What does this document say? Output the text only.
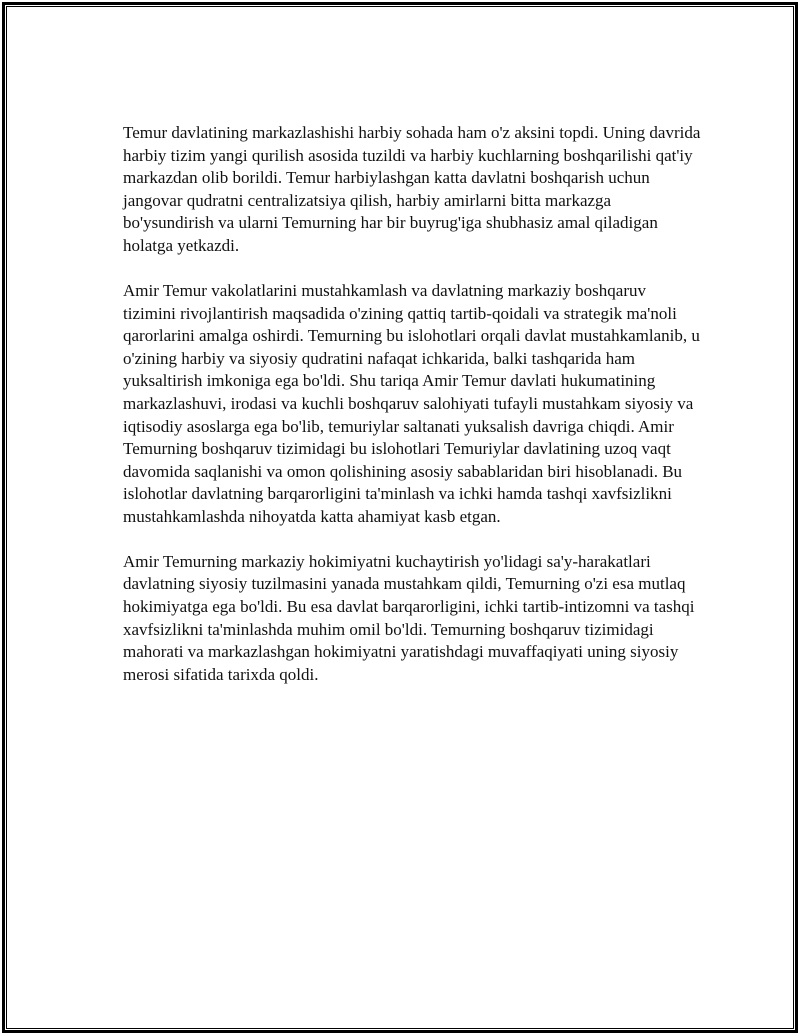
Temur davlatining markazlashishi harbiy sohada ham o'z aksini topdi. Uning davrida harbiy tizim yangi qurilish asosida tuzildi va harbiy kuchlarning boshqarilishi qat'iy markazdan olib borildi. Temur harbiylashgan katta davlatni boshqarish uchun jangovar qudratni centralizatsiya qilish, harbiy amirlarni bitta markazga bo'ysundirish va ularni Temurning har bir buyrug'iga shubhasiz amal qiladigan holatga yetkazdi.

Amir Temur vakolatlarini mustahkamlash va davlatning markaziy boshqaruv tizimini rivojlantirish maqsadida o'zining qattiq tartib-qoidali va strategik ma'noli qarorlarini amalga oshirdi. Temurning bu islohotlari orqali davlat mustahkamlanib, u o'zining harbiy va siyosiy qudratini nafaqat ichkarida, balki tashqarida ham yuksaltirish imkoniga ega bo'ldi. Shu tariqa Amir Temur davlati hukumatining markazlashuvi, irodasi va kuchli boshqaruv salohiyati tufayli mustahkam siyosiy va iqtisodiy asoslarga ega bo'lib, temuriylar saltanati yuksalish davriga chiqdi. Amir Temurning boshqaruv tizimidagi bu islohotlari Temuriylar davlatining uzoq vaqt davomida saqlanishi va omon qolishining asosiy sabablaridan biri hisoblanadi. Bu islohotlar davlatning barqarorligini ta'minlash va ichki hamda tashqi xavfsizlikni mustahkamlashda nihoyatda katta ahamiyat kasb etgan.

Amir Temurning markaziy hokimiyatni kuchaytirish yo'lidagi sa'y-harakatlari davlatning siyosiy tuzilmasini yanada mustahkam qildi, Temurning o'zi esa mutlaq hokimiyatga ega bo'ldi. Bu esa davlat barqarorligini, ichki tartib-intizomni va tashqi xavfsizlikni ta'minlashda muhim omil bo'ldi. Temurning boshqaruv tizimidagi mahorati va markazlashgan hokimiyatni yaratishdagi muvaffaqiyati uning siyosiy merosi sifatida tarixda qoldi.
